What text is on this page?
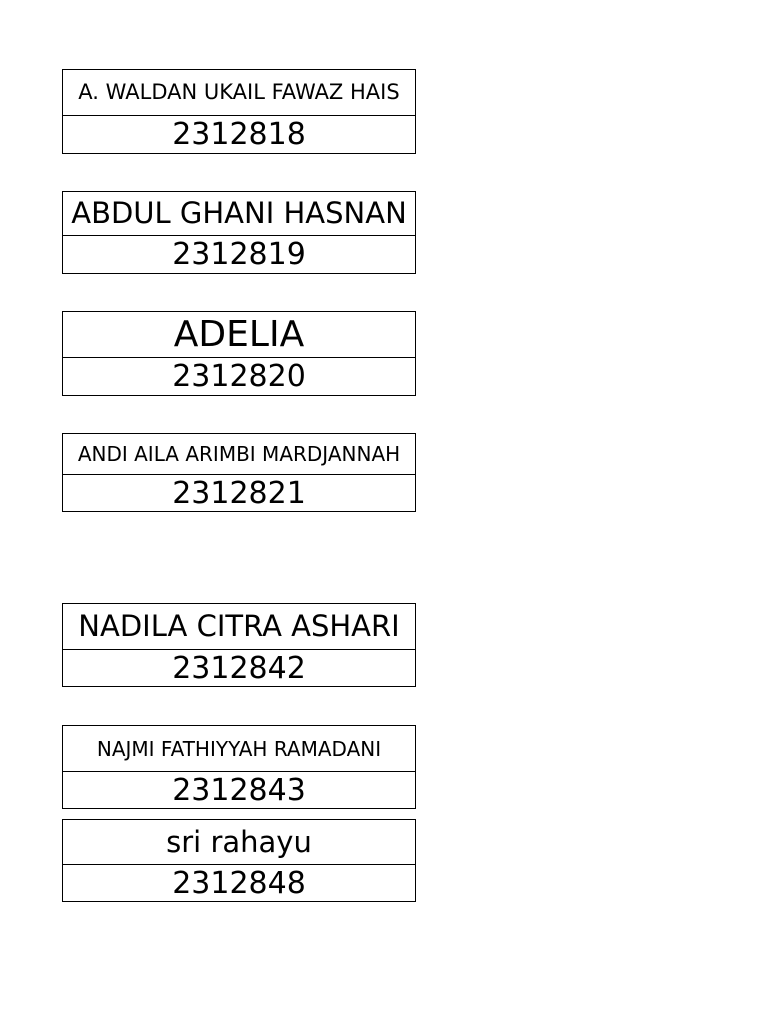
A. WALDAN UKAIL FAWAZ HAIS
2312818
ABDUL GHANI HASNAN
2312819
ADELIA
2312820
ANDI AILA ARIMBI MARDJANNAH
2312821
NADILA CITRA ASHARI
2312842
NAJMI FATHIYYAH RAMADANI
2312843
sri rahayu
2312848
